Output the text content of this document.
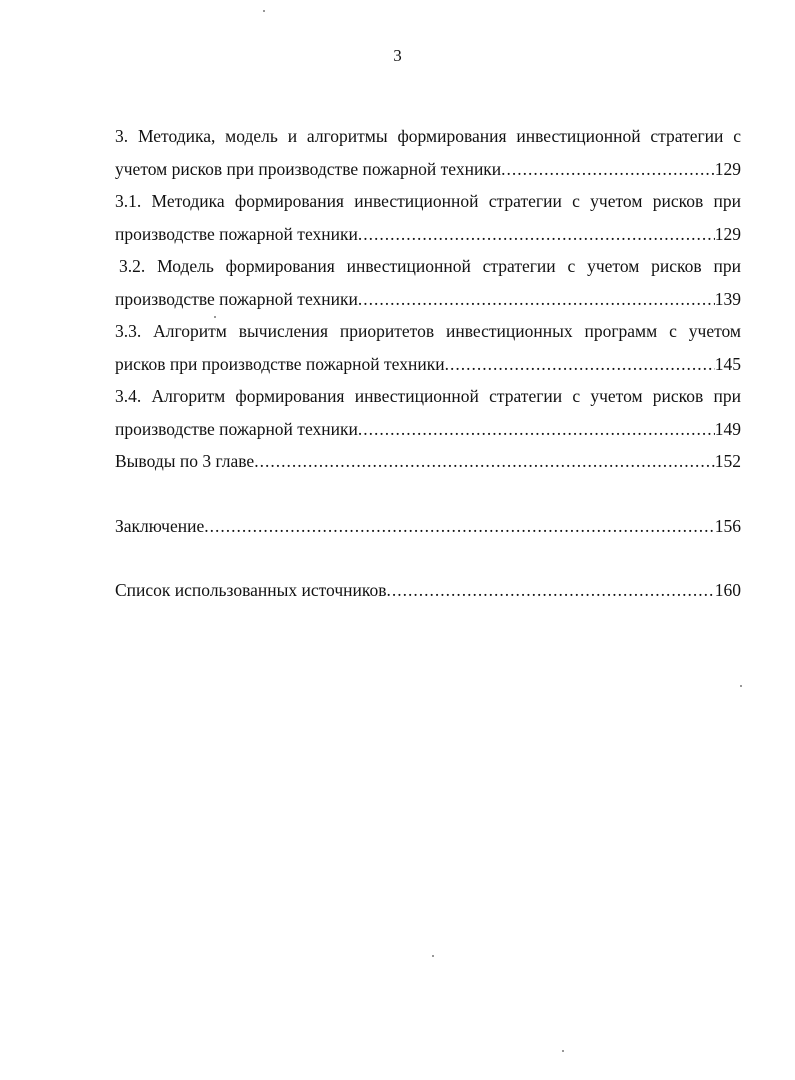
3
3. Методика, модель и алгоритмы формирования инвестиционной стратегии с
учетом рисков при производстве пожарной техники .....	129
3.1. Методика формирования инвестиционной стратегии с учетом рисков при
производстве пожарной техники .....	129
3.2. Модель формирования инвестиционной стратегии с учетом рисков при
производстве пожарной техники .....	139
3.3. Алгоритм вычисления приоритетов инвестиционных программ с учетом
рисков при производстве пожарной техники .....	145
3.4. Алгоритм формирования инвестиционной стратегии с учетом рисков при
производстве пожарной техники .....	149
Выводы по 3 главе .....	152
Заключение .....	156
Список использованных источников .....	160
